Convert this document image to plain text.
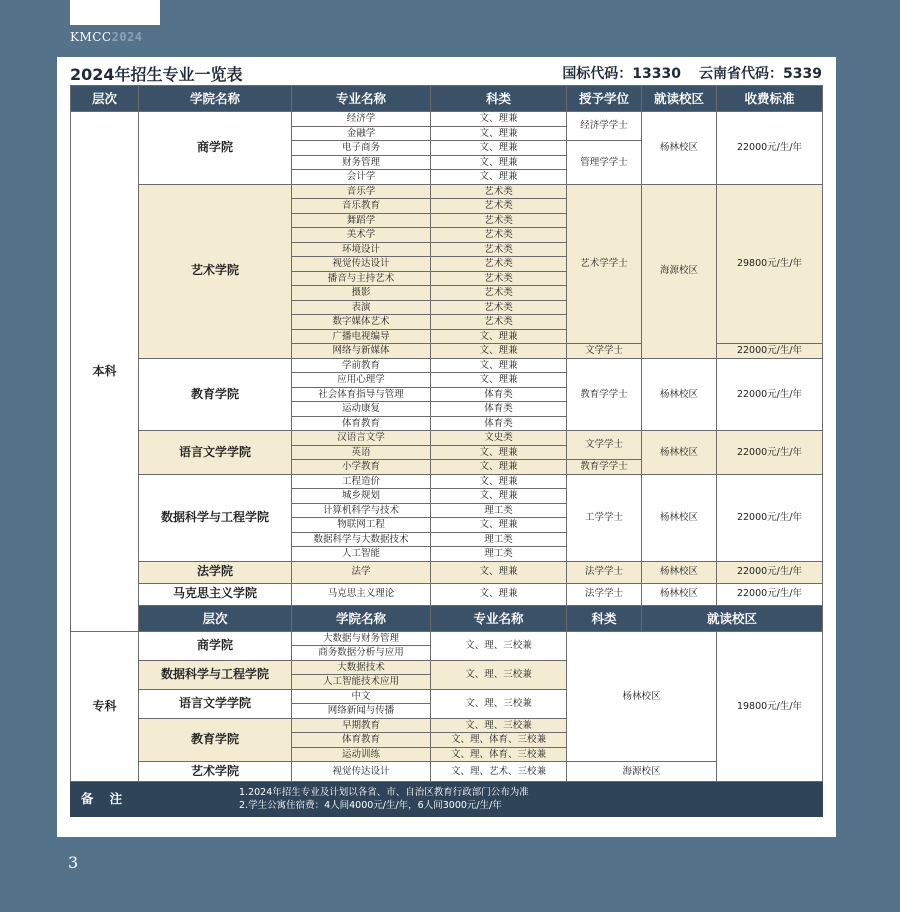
KMCC2024
2024年招生专业一览表	国标代码：13330 云南省代码：5339
层次	学院名称	专业名称	科类	授予学位	就读校区	收费标准	
本科	商学院	经济学	文、理兼	经济学学士	杨林校区	22000元/生/年	
		金融学	文、理兼				
		电子商务	文、理兼	管理学学士			
		财务管理	文、理兼				
		会计学	文、理兼				
	艺术学院	音乐学	艺术类	艺术学学士	海源校区	29800元/生/年	
		音乐教育	艺术类				
		舞蹈学	艺术类				
		美术学	艺术类				
		环境设计	艺术类				
		视觉传达设计	艺术类				
		播音与主持艺术	艺术类				
		摄影	艺术类				
		表演	艺术类				
		数字媒体艺术	艺术类				
		广播电视编导	文、理兼				
		网络与新媒体	文、理兼	文学学士		22000元/生/年	
	教育学院	学前教育	文、理兼	教育学学士	杨林校区	22000元/生/年	
		应用心理学	文、理兼				
		社会体育指导与管理	体育类				
		运动康复	体育类				
		体育教育	体育类				
	语言文学学院	汉语言文学	文史类	文学学士	杨林校区	22000元/生/年	
		英语	文、理兼				
		小学教育	文、理兼	教育学学士			
	数据科学与工程学院	工程造价	文、理兼	工学学士	杨林校区	22000元/生/年	
		城乡规划	文、理兼				
		计算机科学与技术	理工类				
		物联网工程	文、理兼				
		数据科学与大数据技术	理工类				
		人工智能	理工类				
	法学院	法学	文、理兼	法学学士	杨林校区	22000元/生/年	
	马克思主义学院	马克思主义理论	文、理兼	法学学士	杨林校区	22000元/生/年	
	层次	学院名称	专业名称	科类	就读校区	
专科	商学院	大数据与财务管理	文、理、三校兼	杨林校区		19800元/生/年	
		商务数据分析与应用					
	数据科学与工程学院	大数据技术	文、理、三校兼				
		人工智能技术应用					
	语言文学学院	中文	文、理、三校兼				
		网络新闻与传播					
	教育学院	早期教育	文、理、三校兼				
		体育教育	文、理、体育、三校兼				
		运动训练	文、理、体育、三校兼				
	艺术学院	视觉传达设计	文、理、艺术、三校兼	海源校区			
备 注	1.2024年招生专业及计划以各省、市、自治区教育行政部门公布为准
2.学生公寓住宿费：4人间4000元/生/年，6人间3000元/生/年						
3
